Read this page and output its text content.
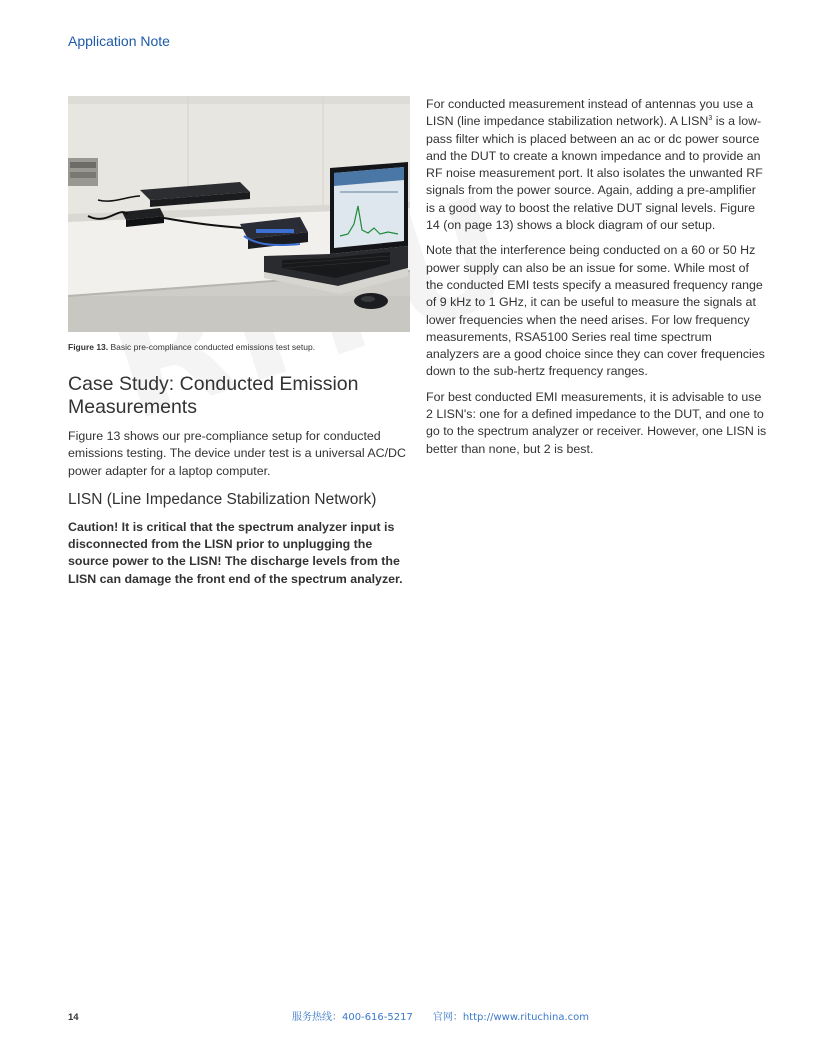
Application Note
Figure 13. Basic pre-compliance conducted emissions test setup.
Case Study: Conducted Emission Measurements

Figure 13 shows our pre-compliance setup for conducted emissions testing. The device under test is a universal AC/DC power adapter for a laptop computer.

LISN (Line Impedance Stabilization Network)
Caution! It is critical that the spectrum analyzer input is disconnected from the LISN prior to unplugging the source power to the LISN! The discharge levels from the LISN can damage the front end of the spectrum analyzer.

For conducted measurement instead of antennas you use a LISN (line impedance stabilization network). A LISN$^3$ is a low-pass filter which is placed between an ac or dc power source and the DUT to create a known impedance and to provide an RF noise measurement port. It also isolates the unwanted RF signals from the power source. Again, adding a pre-amplifier is a good way to boost the relative DUT signal levels. Figure 14 (on page 13) shows a block diagram of our setup.

Note that the interference being conducted on a 60 or 50 Hz power supply can also be an issue for some. While most of the conducted EMI tests specify a measured frequency range of 9 kHz to 1 GHz, it can be useful to measure the signals at lower frequencies when the need arises. For low frequency measurements, RSA5100 Series real time spectrum analyzers are a good choice since they can cover frequencies down to the sub-hertz frequency ranges.

For best conducted EMI measurements, it is advisable to use 2 LISN's: one for a defined impedance to the DUT, and one to go to the spectrum analyzer or receiver. However, one LISN is better than none, but 2 is best.

14	服务热线：400-616-5217 官网：http://www.rituchina.com
